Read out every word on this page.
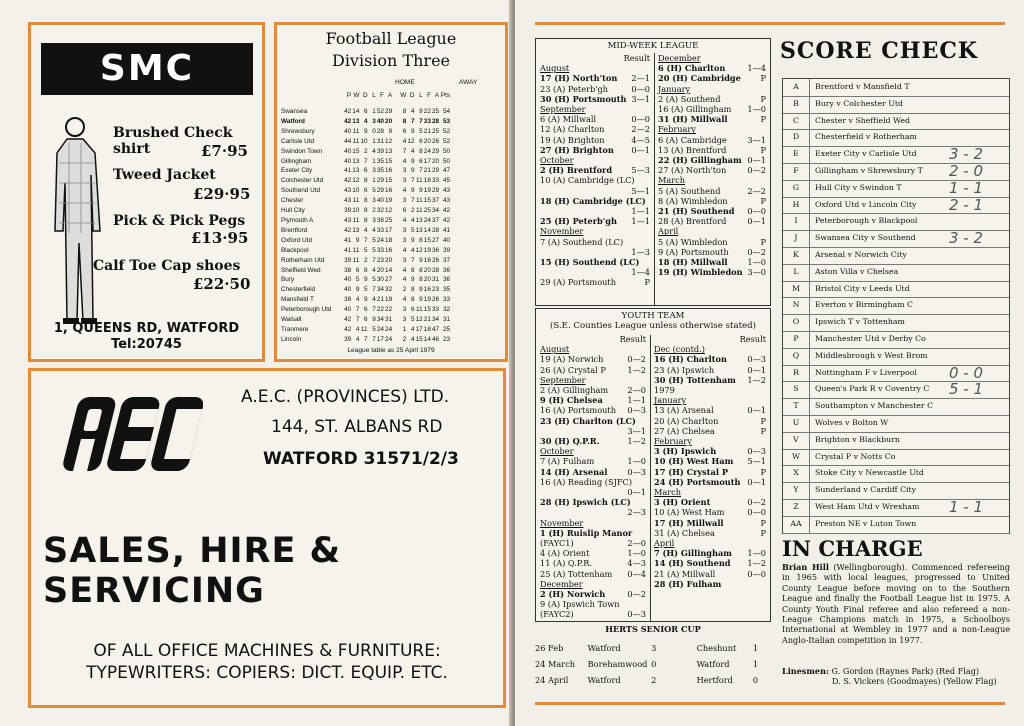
SMC
Brushed Check shirt	£7·95
Tweed Jacket
£29·95
Pick & Pick Pegs
£13·95
Calf Toe Cap shoes
£22·50
1, QUEENS RD, WATFORD
Tel:20745
Football League
Division Three
HOME	AWAY
P W D L F A	W D L F A Pts
Swansea	42 14 6 1 52 29	8 4 9 22 25 54
Watford	42 13 4 3 40 20	8 7 7 33 28 53
Shrewsbury	40 11 9 0 28 9	6 9 5 21 25 52
Carlisle Utd	44 11 10 1 31 12	4 12 6 20 26 52
Swindon Town	40 15 2 4 39 13	7 4 8 24 29 50
Gillingham	40 13 7 1 35 15	4 9 6 17 20 50
Exeter City	41 13 6 3 35 16	3 9 7 21 29 47
Colchester Utd	42 12 8 1 29 15	3 7 11 18 33 45
Southend Utd	43 10 6 5 29 16	4 9 9 19 29 43
Chester	43 11 8 3 40 19	3 7 11 15 37 43
Hull City	39 10 8 2 32 12	6 2 11 25 34 42
Plymouth A	43 11 8 3 38 25	4 4 13 24 37 42
Brentford	42 13 4 4 33 17	3 5 13 14 28 41
Oxford Utd	41 9 7 5 24 18	3 9 8 15 27 40
Blackpool	41 11 5 5 33 16	4 4 12 19 36 39
Rotherham Utd	39 11 2 7 23 20	3 7 9 16 26 37
Sheffield Wed	38 6 8 4 20 14	4 8 8 20 28 36
Bury	40 5 9 5 30 27	4 9 8 20 31 36
Chesterfield	40 9 5 7 34 32	2 8 9 16 23 35
Mansfield T	38 4 9 4 21 19	4 8 9 19 26 33
Peterborough Utd	40 7 6 7 22 22	3 6 11 15 33 32
Walsall	42 7 6 9 34 31	3 5 12 21 34 31
Tranmere	42 4 11 5 24 24	1 4 17 18 47 25
Lincoln	39 4 7 7 17 24	2 4 15 14 46 23
League table as 25 April 1979
AEC	A.E.C. (PROVINCES) LTD.
144, ST. ALBANS RD
WATFORD 31571/2/3
SALES, HIRE & SERVICING
OF ALL OFFICE MACHINES & FURNITURE:
TYPEWRITERS: COPIERS: DICT. EQUIP. ETC.
MID-WEEK LEAGUE
Result
August
17 (H) North'ton 2—1
23 (A) Peterb'gh	0—0
30 (H) Portsmouth 3—1
September
6 (A) Millwall	0—0
12 (A) Charlton	2—2
19 (A) Brighton	4—5
27 (H) Brighton 0—1
October
2 (H) Brentford 5—3
10 (A) Cambridge (LC)
5—1
18 (H) Cambridge (LC)
1—1
25 (H) Peterb'gh 1—1
November
7 (A) Southend (LC)
1—3
15 (H) Southend (LC)
1—4
29 (A) Portsmouth	P
December
6 (H) Charlton	1—4
20 (H) Cambridge P
January
2 (A) Southend	P
16 (A) Gillingham 1—0
31 (H) Millwall	P
February
6 (A) Cambridge	3—1
13 (A) Brentford	P
22 (H) Gillingham 0—1
27 (A) North'ton	0—2
March
5 (A) Southend	2—2
8 (A) Wimbledon	P
21 (H) Southend 0—0
28 (A) Brentford	0—1
April
5 (A) Wimbledon	P
9 (A) Portsmouth 0—2
18 (H) Millwall 1—0
19 (H) Wimbledon 3—0
YOUTH TEAM
(S.E. Counties League unless otherwise stated)
Result
August
19 (A) Norwich	0—2
26 (A) Crystal P	1—2
September
2 (A) Gillingham 2—0
9 (H) Chelsea	1—1
16 (A) Portsmouth 0—3
23 (H) Charlton (LC)
3—1
30 (H) Q.P.R.	1—2
October
7 (A) Fulham	1—0
14 (H) Arsenal 0—3
16 (A) Reading (SJFC)
0—1
28 (H) Ipswich (LC)
2—3
November
1 (H) Ruislip Manor
(FAYC1)	2—0
4 (A) Orient	1—0
11 (A) Q.P.R.	4—3
25 (A) Tottenham 0—4
December
2 (H) Norwich	0—2
9 (A) Ipswich Town
(FAYC2)	0—3
Result
Dec (contd.)
16 (H) Charlton 0—3
23 (A) Ipswich	0—1
30 (H) Tottenham 1—2
1979
January
13 (A) Arsenal	0—1
20 (A) Charlton	P
27 (A) Chelsea	P
February
3 (H) Ipswich	0—3
10 (H) West Ham 5—1
17 (H) Crystal P	P
24 (H) Portsmouth 0—1
March
3 (H) Orient	0—2
10 (A) West Ham	0—0
17 (H) Millwall	P
31 (A) Chelsea	P
April
7 (H) Gillingham 1—0
14 (H) Southend 1—2
21 (A) Millwall	0—0
28 (H) Fulham
HERTS SENIOR CUP
26 Feb	Watford	3	Cheshunt	1
24 March	Borehamwood 0	Watford	1
24 April	Watford	2	Hertford	0
SCORE CHECK
A	Brentford v Mansfield T
B	Bury v Colchester Utd
C	Chester v Sheffield Wed
D	Chesterfield v Rotherham
E	Exeter City v Carlisle Utd 3 - 2
F	Gillingham v Shrewsbury T 2 - 0
G	Hull City v Swindon T	1 - 1
H	Oxford Utd v Lincoln City 2 - 1
I	Peterborough v Blackpool
J	Swansea City v Southend 3 - 2
K	Arsenal v Norwich City
L	Aston Villa v Chelsea
M	Bristol City v Leeds Utd
N	Everton v Birmingham C
O	Ipswich T v Tottenham
P	Manchester Utd v Derby Co
Q	Middlesbrough v West Brom
R	Nottingham F v Liverpool 0 - 0
S	Queen's Park R v Coventry C 5 - 1
T	Southampton v Manchester C
U	Wolves v Bolton W
V	Brighton v Blackburn
W	Crystal P v Notts Co
X	Stoke City v Newcastle Utd
Y	Sunderland v Cardiff City
Z	West Ham Utd v Wrexham 1 - 1
AA	Preston NE v Luton Town
IN CHARGE
Brian Hill (Wellingborough). Commenced refereeing in 1965 with local leagues, progressed to United County League before moving on to the Southern League and finally the Football League list in 1975. A County Youth Final referee and also refereed a non-League Champions match in 1975, a Schoolboys International at Wembley in 1977 and a non-League Anglo-Italian competition in 1977.
Linesmen: G. Gordon (Raynes Park) (Red Flag)
D. S. Vickers (Goodmayes) (Yellow Flag)
